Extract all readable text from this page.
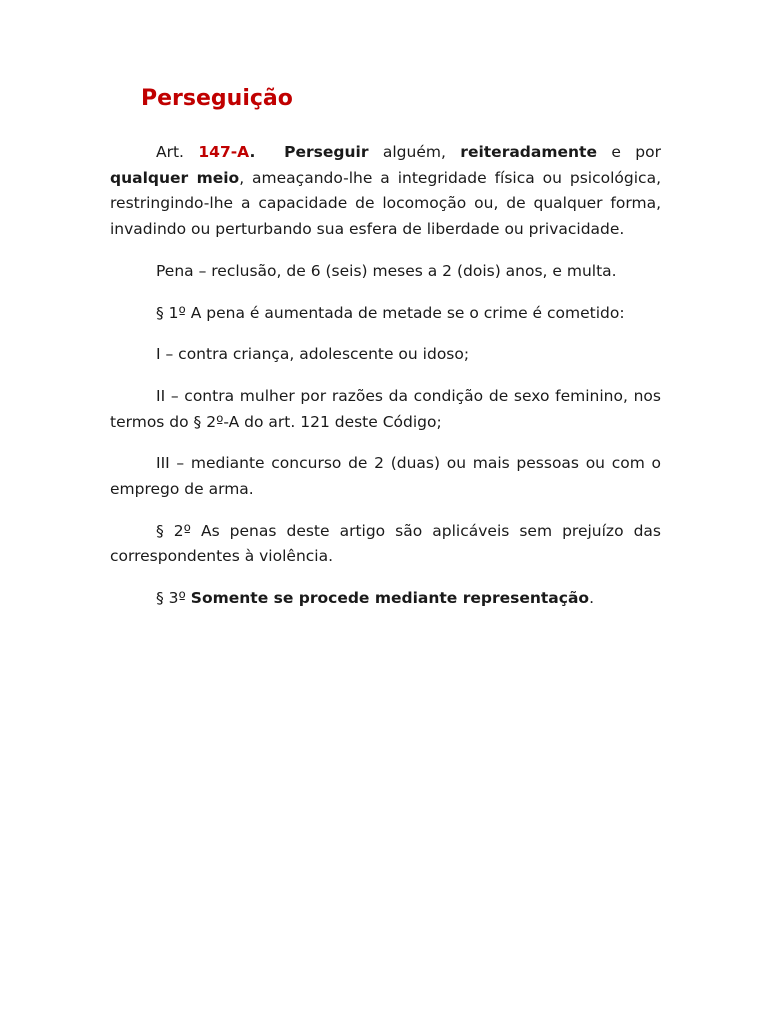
Perseguição

Art. 147-A. Perseguir alguém, reiteradamente e por qualquer meio, ameaçando-lhe a integridade física ou psicológica, restringindo-lhe a capacidade de locomoção ou, de qualquer forma, invadindo ou perturbando sua esfera de liberdade ou privacidade.

Pena – reclusão, de 6 (seis) meses a 2 (dois) anos, e multa.

§ 1º A pena é aumentada de metade se o crime é cometido:

I – contra criança, adolescente ou idoso;

II – contra mulher por razões da condição de sexo feminino, nos termos do § 2º-A do art. 121 deste Código;

III – mediante concurso de 2 (duas) ou mais pessoas ou com o emprego de arma.

§ 2º As penas deste artigo são aplicáveis sem prejuízo das correspondentes à violência.

§ 3º Somente se procede mediante representação.
